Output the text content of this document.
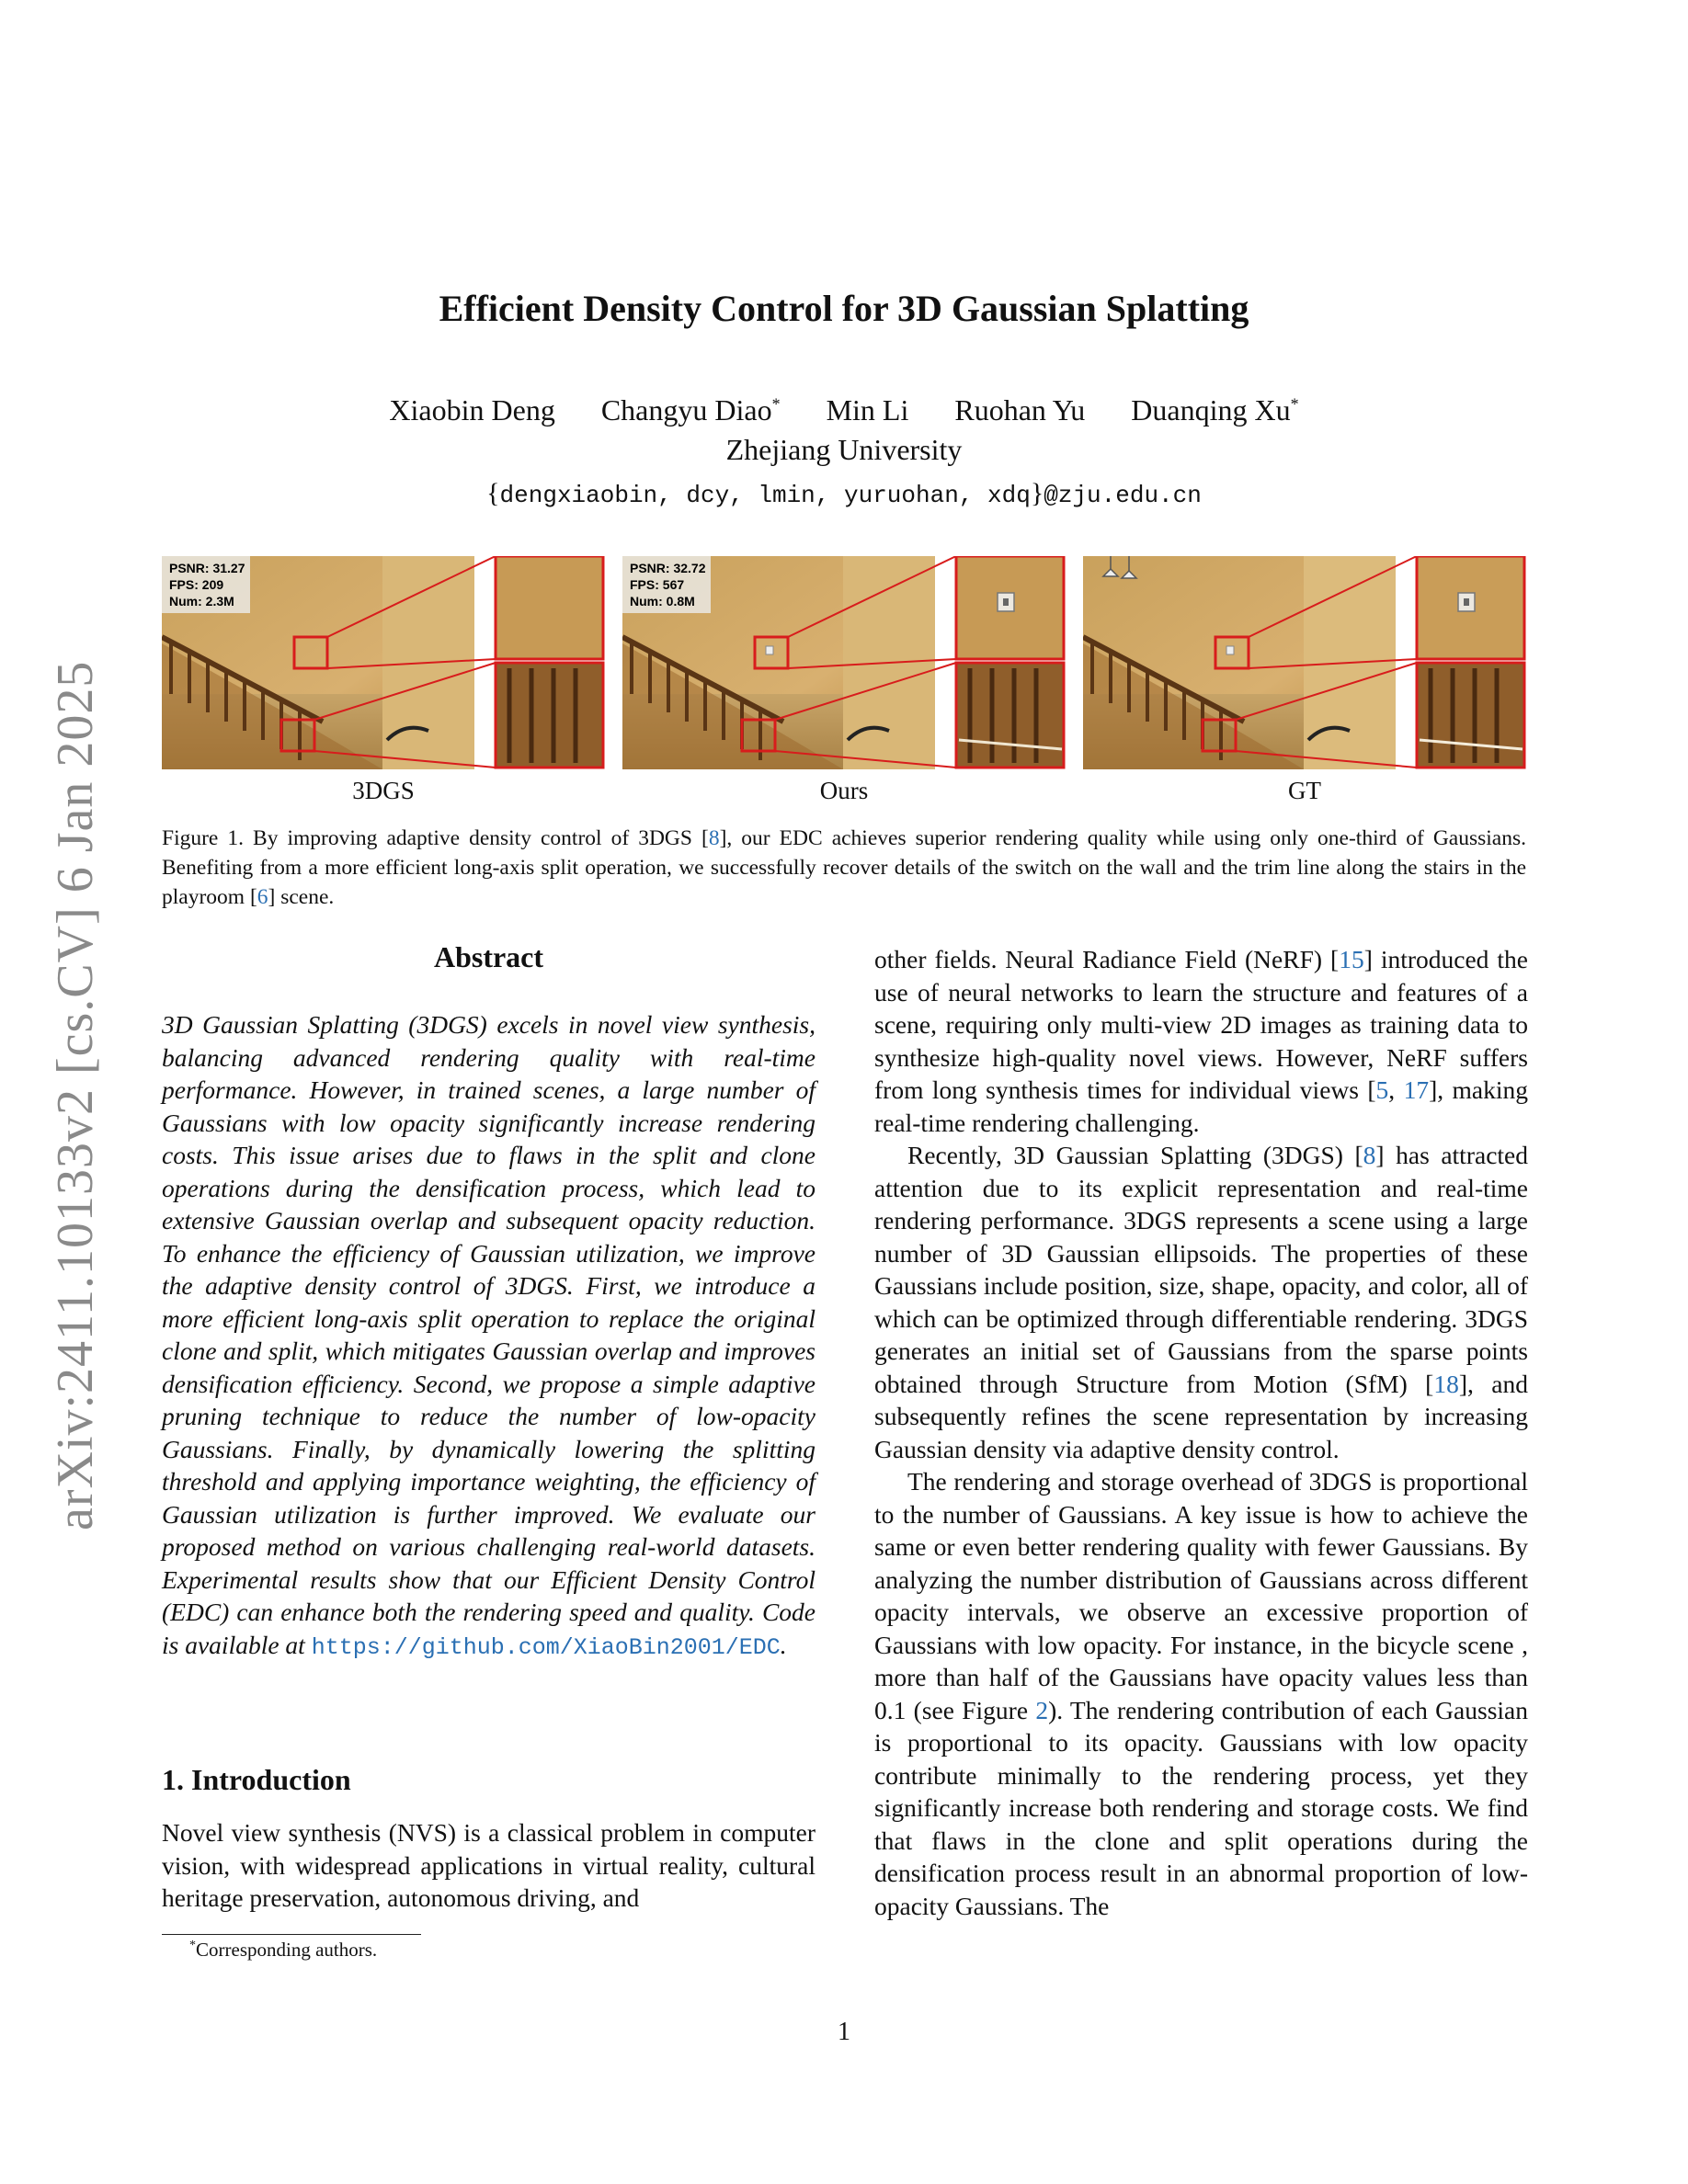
arXiv:2411.10133v2 [cs.CV] 6 Jan 2025
Efficient Density Control for 3D Gaussian Splatting
Xiaobin Deng Changyu Diao* Min Li Ruohan Yu Duanqing Xu*
Zhejiang University
{dengxiaobin, dcy, lmin, yuruohan, xdq}@zju.edu.cn
PSNR: 31.27
FPS: 209
Num: 2.3M
PSNR: 32.72
FPS: 567
Num: 0.8M
3DGS	Ours	GT
Figure 1. By improving adaptive density control of 3DGS [8], our EDC achieves superior rendering quality while using only one-third of Gaussians. Benefiting from a more efficient long-axis split operation, we successfully recover details of the switch on the wall and the trim line along the stairs in the playroom [6] scene.
Abstract
3D Gaussian Splatting (3DGS) excels in novel view synthesis, balancing advanced rendering quality with real-time performance. However, in trained scenes, a large number of Gaussians with low opacity significantly increase rendering costs. This issue arises due to flaws in the split and clone operations during the densification process, which lead to extensive Gaussian overlap and subsequent opacity reduction. To enhance the efficiency of Gaussian utilization, we improve the adaptive density control of 3DGS. First, we introduce a more efficient long-axis split operation to replace the original clone and split, which mitigates Gaussian overlap and improves densification efficiency. Second, we propose a simple adaptive pruning technique to reduce the number of low-opacity Gaussians. Finally, by dynamically lowering the splitting threshold and applying importance weighting, the efficiency of Gaussian utilization is further improved. We evaluate our proposed method on various challenging real-world datasets. Experimental results show that our Efficient Density Control (EDC) can enhance both the rendering speed and quality. Code is available at https://github.com/XiaoBin2001/EDC.
1. Introduction
Novel view synthesis (NVS) is a classical problem in computer vision, with widespread applications in virtual reality, cultural heritage preservation, autonomous driving, and
*Corresponding authors.

other fields. Neural Radiance Field (NeRF) [15] introduced the use of neural networks to learn the structure and features of a scene, requiring only multi-view 2D images as training data to synthesize high-quality novel views. However, NeRF suffers from long synthesis times for individual views [5, 17], making real-time rendering challenging.

Recently, 3D Gaussian Splatting (3DGS) [8] has attracted attention due to its explicit representation and real-time rendering performance. 3DGS represents a scene using a large number of 3D Gaussian ellipsoids. The properties of these Gaussians include position, size, shape, opacity, and color, all of which can be optimized through differentiable rendering. 3DGS generates an initial set of Gaussians from the sparse points obtained through Structure from Motion (SfM) [18], and subsequently refines the scene representation by increasing Gaussian density via adaptive density control.

The rendering and storage overhead of 3DGS is proportional to the number of Gaussians. A key issue is how to achieve the same or even better rendering quality with fewer Gaussians. By analyzing the number distribution of Gaussians across different opacity intervals, we observe an excessive proportion of Gaussians with low opacity. For instance, in the bicycle scene , more than half of the Gaussians have opacity values less than 0.1 (see Figure 2). The rendering contribution of each Gaussian is proportional to its opacity. Gaussians with low opacity contribute minimally to the rendering process, yet they significantly increase both rendering and storage costs. We find that flaws in the clone and split operations during the densification process result in an abnormal proportion of low-opacity Gaussians. The

1
